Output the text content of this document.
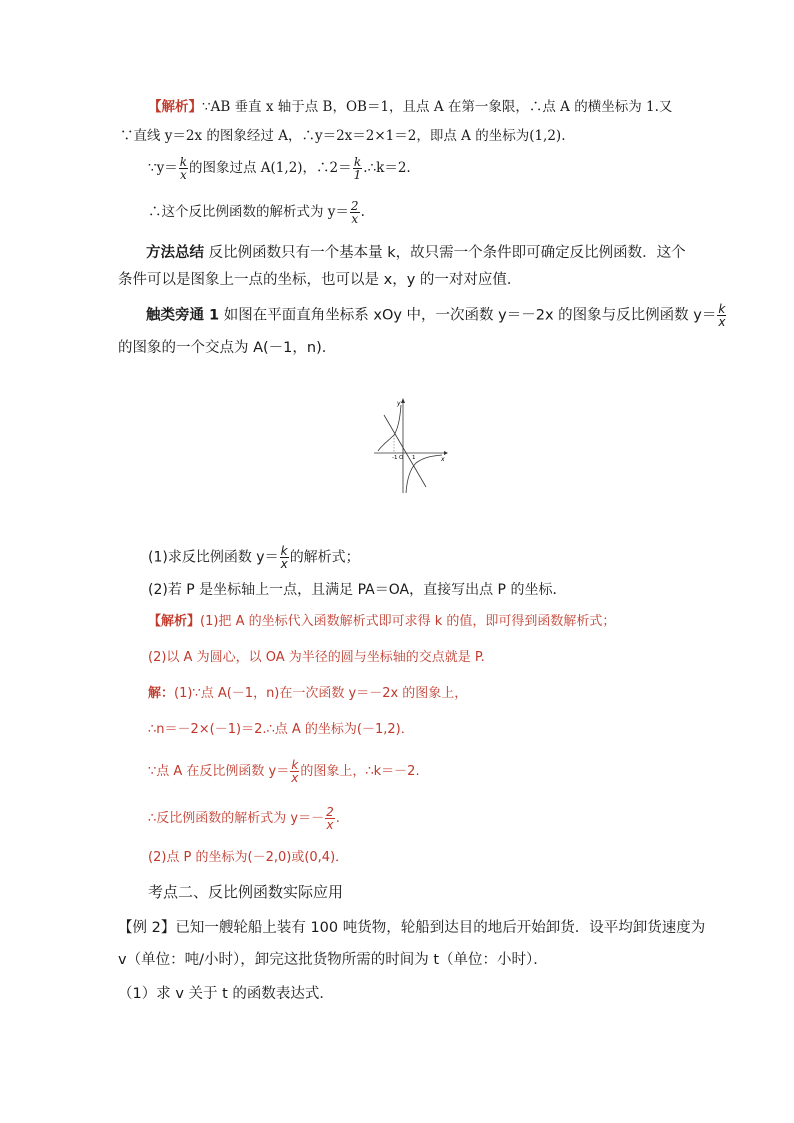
【解析】∵AB 垂直 x 轴于点 B，OB＝1，且点 A 在第一象限，∴点 A 的横坐标为 1.又
∵直线 y＝2x 的图象经过 A，∴y＝2x＝2×1＝2，即点 A 的坐标为(1,2).
∵y＝ $\frac{k}{x}$ 的图象过点 A(1,2)，∴2＝ $\frac{k}{1}$ .∴k＝2.
∴这个反比例函数的解析式为 $y= \frac{2}{x}$ .
方法总结 反比例函数只有一个基本量 k，故只需一个条件即可确定反比例函数．这个
条件可以是图象上一点的坐标，也可以是 x，y 的一对对应值．
触类旁通 1 如图在平面直角坐标系 xOy 中，一次函数 y＝－2x 的图象与反比例函数 $y= \frac{k}{x}$
的图象的一个交点为 A(－1，n)．
y
x
-1 O 1
(1)求反比例函数 $y= \frac{k}{x}$ 的解析式；
(2)若 P 是坐标轴上一点，且满足 PA＝OA，直接写出点 P 的坐标．
【解析】(1)把 A 的坐标代入函数解析式即可求得 k 的值，即可得到函数解析式；
(2)以 A 为圆心，以 OA 为半径的圆与坐标轴的交点就是 P.
解：(1)∵点 A(－1，n)在一次函数 y＝－2x 的图象上，
∴n＝－2×(－1)＝2.∴点 A 的坐标为(－1,2)．
∵点 A 在反比例函数 $y= \frac{k}{x}$ 的图象上，∴k＝－2.
∴反比例函数的解析式为 $y=- \frac{2}{x}$ .
(2)点 P 的坐标为(－2,0)或(0,4)．
考点二、反比例函数实际应用
【例 2】已知一艘轮船上装有 100 吨货物，轮船到达目的地后开始卸货．设平均卸货速度为
v（单位：吨/小时），卸完这批货物所需的时间为 t（单位：小时）．
（1）求 v 关于 t 的函数表达式．
